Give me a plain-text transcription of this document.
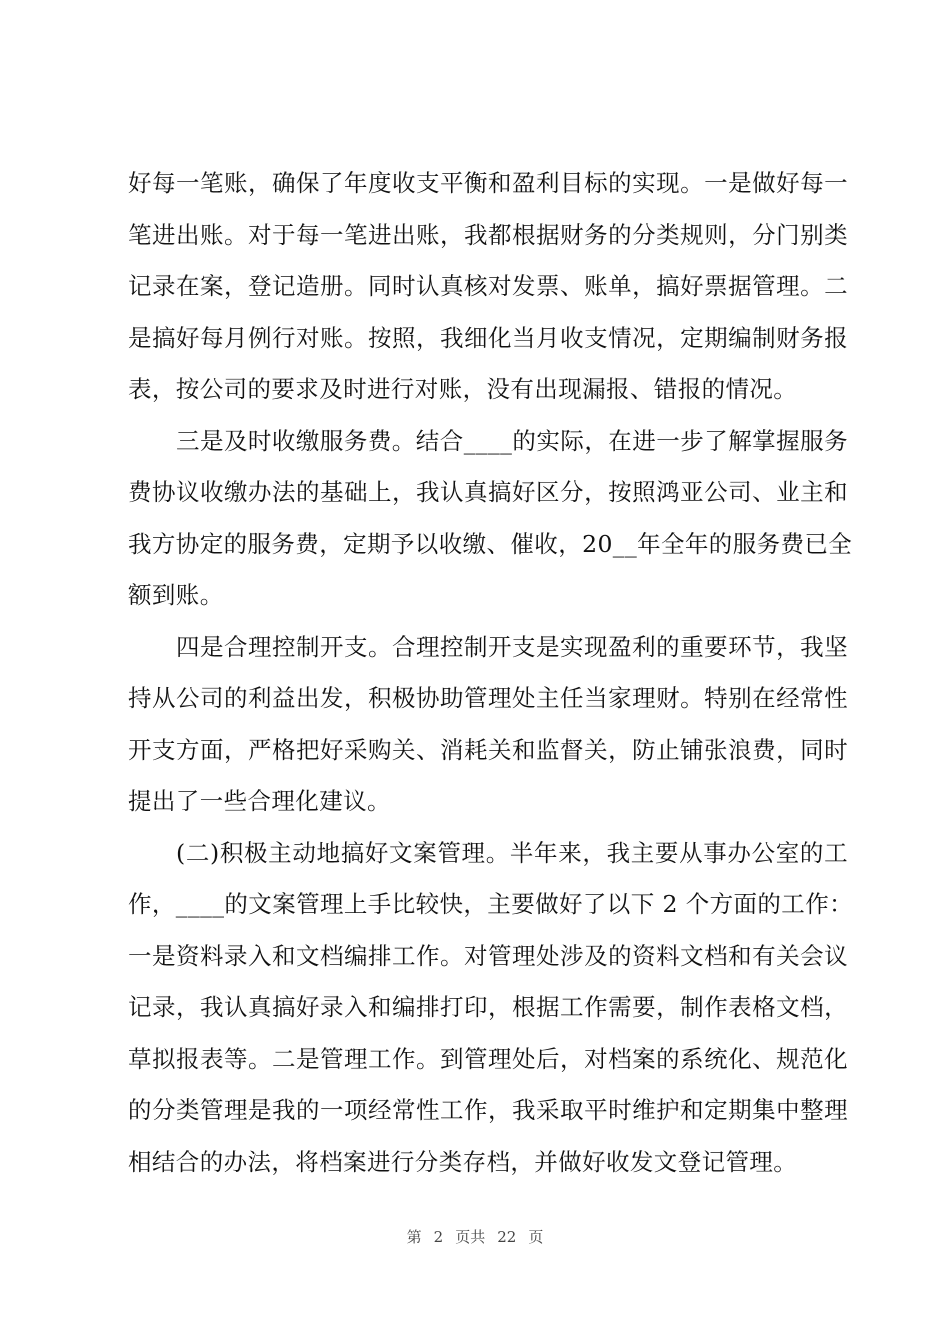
好每一笔账，确保了年度收支平衡和盈利目标的实现。一是做好每一
笔进出账。对于每一笔进出账，我都根据财务的分类规则，分门别类
记录在案，登记造册。同时认真核对发票、账单，搞好票据管理。二
是搞好每月例行对账。按照，我细化当月收支情况，定期编制财务报
表，按公司的要求及时进行对账，没有出现漏报、错报的情况。
三是及时收缴服务费。结合____的实际，在进一步了解掌握服务
费协议收缴办法的基础上，我认真搞好区分，按照鸿亚公司、业主和
我方协定的服务费，定期予以收缴、催收，20__年全年的服务费已全
额到账。
四是合理控制开支。合理控制开支是实现盈利的重要环节，我坚
持从公司的利益出发，积极协助管理处主任当家理财。特别在经常性
开支方面，严格把好采购关、消耗关和监督关，防止铺张浪费，同时
提出了一些合理化建议。
(二)积极主动地搞好文案管理。半年来，我主要从事办公室的工
作，____的文案管理上手比较快，主要做好了以下 2 个方面的工作：
一是资料录入和文档编排工作。对管理处涉及的资料文档和有关会议
记录，我认真搞好录入和编排打印，根据工作需要，制作表格文档，
草拟报表等。二是管理工作。到管理处后，对档案的系统化、规范化
的分类管理是我的一项经常性工作，我采取平时维护和定期集中整理
相结合的办法，将档案进行分类存档，并做好收发文登记管理。
第 2 页共 22 页
